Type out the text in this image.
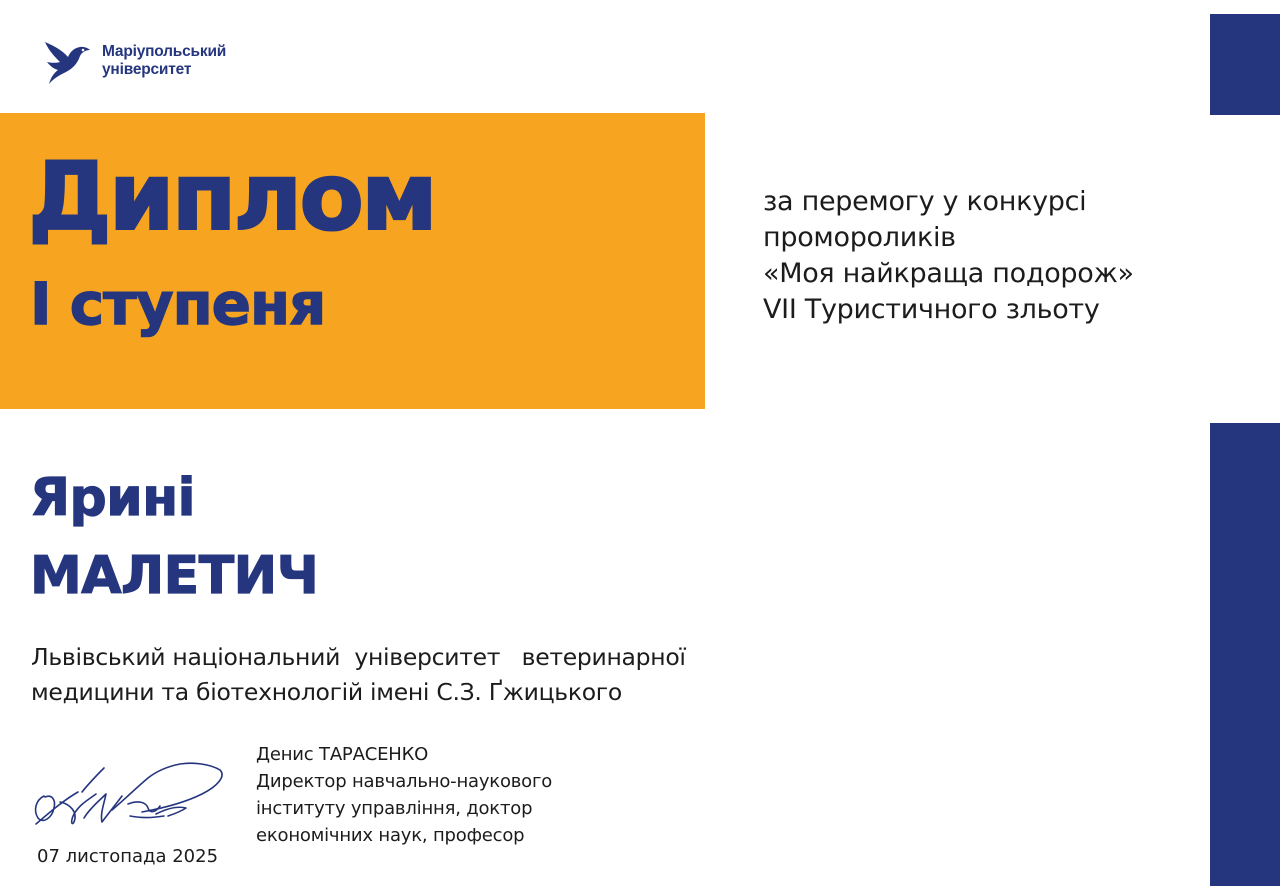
Маріупольський
університет
Диплом
І ступеня
за перемогу у конкурсі
промороликів
«Моя найкраща подорож»
VII Туристичного зльоту

Ярині

МАЛЕТИЧ

Львівський національний  університет   ветеринарної
медицини та біотехнологій імені С.З. Ґжицького
07 листопада 2025
Денис ТАРАСЕНКО
Директор навчально-наукового
інституту управління, доктор
економічних наук, професор
